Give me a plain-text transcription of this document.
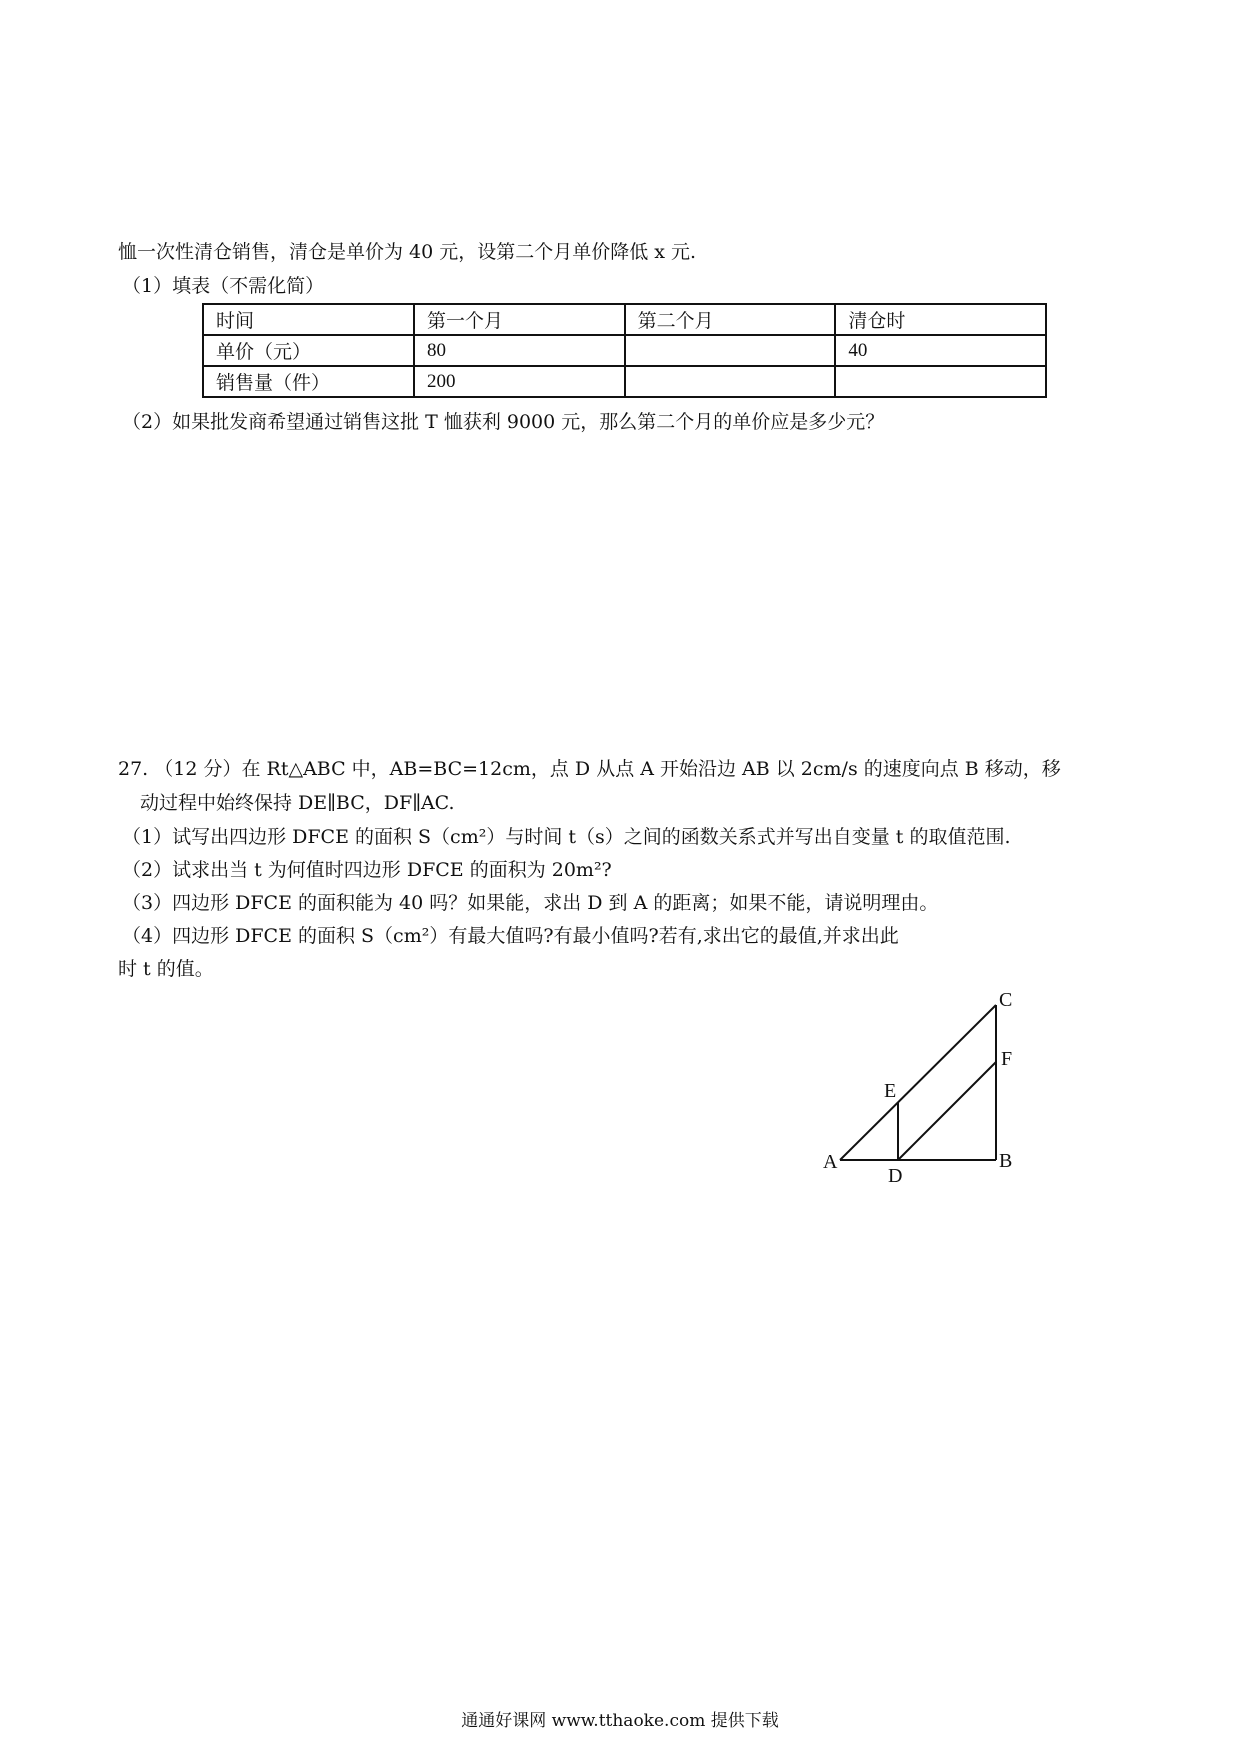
恤一次性清仓销售，清仓是单价为 40 元，设第二个月单价降低 x 元.
（1）填表（不需化简）
时间	第一个月	第二个月	清仓时
单价（元）	80		40
销售量（件）	200		
（2）如果批发商希望通过销售这批 T 恤获利 9000 元，那么第二个月的单价应是多少元？
27. （12 分）在 Rt△ABC 中，AB=BC=12cm，点 D 从点 A 开始沿边 AB 以 2cm/s 的速度向点 B 移动，移
动过程中始终保持 DE∥BC，DF∥AC.
（1）试写出四边形 DFCE 的面积 S（cm²）与时间 t（s）之间的函数关系式并写出自变量 t 的取值范围.
（2）试求出当 t 为何值时四边形 DFCE 的面积为 20m²?
（3）四边形 DFCE 的面积能为 40 吗？如果能，求出 D 到 A 的距离；如果不能，请说明理由。
（4）四边形 DFCE 的面积 S（cm²）有最大值吗?有最小值吗?若有,求出它的最值,并求出此
时 t 的值。
A	B
C
D
E
F
通通好课网 www.tthaoke.com 提供下载
